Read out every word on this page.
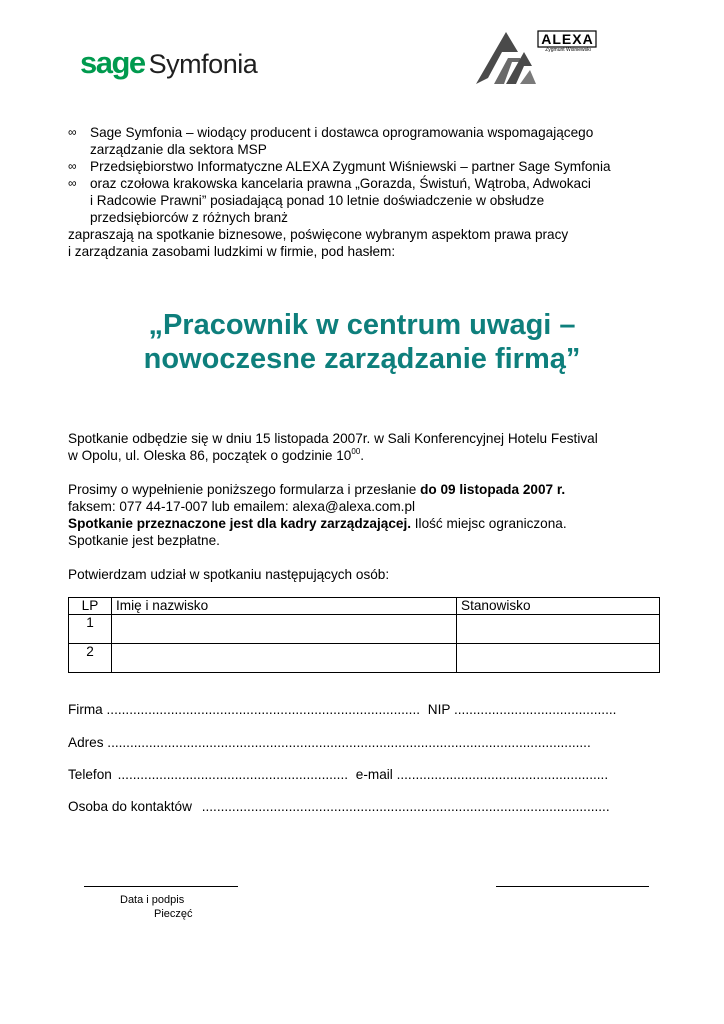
sage Symfonia
ALEXA
Zygmunt Wiśniewski
∞ Sage Symfonia – wiodący producent i dostawca oprogramowania wspomagającego
zarządzanie dla sektora MSP
∞ Przedsiębiorstwo Informatyczne ALEXA Zygmunt Wiśniewski – partner Sage Symfonia
∞ oraz czołowa krakowska kancelaria prawna „Gorazda, Świstuń, Wątroba, Adwokaci
i Radcowie Prawni” posiadającą ponad 10 letnie doświadczenie w obsłudze
przedsiębiorców z różnych branż
zapraszają na spotkanie biznesowe, poświęcone wybranym aspektom prawa pracy
i zarządzania zasobami ludzkimi w firmie, pod hasłem:
„Pracownik w centrum uwagi –
nowoczesne zarządzanie firmą”
Spotkanie odbędzie się w dniu 15 listopada 2007r. w Sali Konferencyjnej Hotelu Festival
w Opolu, ul. Oleska 86, początek o godzinie $10^{00}$.
Prosimy o wypełnienie poniższego formularza i przesłanie do 09 listopada 2007 r.
faksem: 077 44-17-007 lub emailem: alexa@alexa.com.pl
Spotkanie przeznaczone jest dla kadry zarządzającej. Ilość miejsc ograniczona.
Spotkanie jest bezpłatne.
Potwierdzam udział w spotkaniu następujących osób:
LP	Imię i nazwisko	Stanowisko
1		
2		
Firma ................................................................................... NIP ...........................................
Adres ................................................................................................................................
Telefon ............................................................. e-mail ........................................................
Osoba do kontaktów ............................................................................................................
Data i podpis
Pieczęć
